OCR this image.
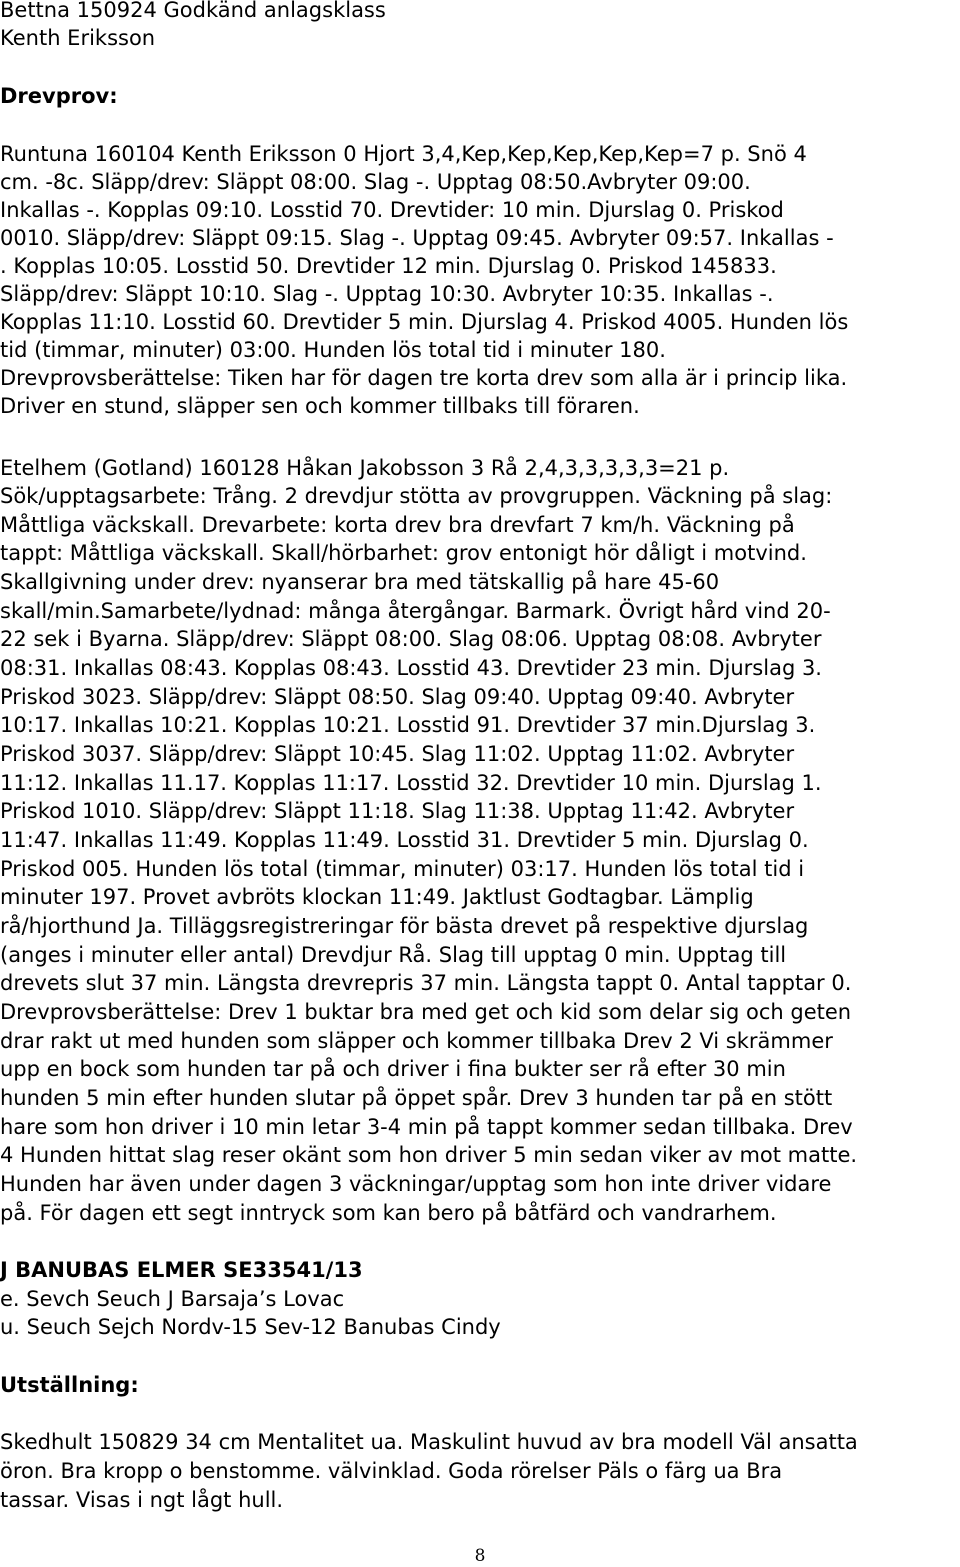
Bettna 150924 Godkänd anlagsklass
Kenth Eriksson
Drevprov:
Runtuna 160104 Kenth Eriksson 0 Hjort 3,4,Kep,Kep,Kep,Kep,Kep=7 p. Snö 4
cm. -8c. Släpp/drev: Släppt 08:00. Slag -. Upptag 08:50.Avbryter 09:00.
Inkallas -. Kopplas 09:10. Losstid 70. Drevtider: 10 min. Djurslag 0. Priskod
0010. Släpp/drev: Släppt 09:15. Slag -. Upptag 09:45. Avbryter 09:57. Inkallas -
. Kopplas 10:05. Losstid 50. Drevtider 12 min. Djurslag 0. Priskod 145833.
Släpp/drev: Släppt 10:10. Slag -. Upptag 10:30. Avbryter 10:35. Inkallas -.
Kopplas 11:10. Losstid 60. Drevtider 5 min. Djurslag 4. Priskod 4005. Hunden lös
tid (timmar, minuter) 03:00. Hunden lös total tid i minuter 180.
Drevprovsberättelse: Tiken har för dagen tre korta drev som alla är i princip lika.
Driver en stund, släpper sen och kommer tillbaks till föraren.
Etelhem (Gotland) 160128 Håkan Jakobsson 3 Rå 2,4,3,3,3,3,3=21 p.
Sök/upptagsarbete: Trång. 2 drevdjur stötta av provgruppen. Väckning på slag:
Måttliga väckskall. Drevarbete: korta drev bra drevfart 7 km/h. Väckning på
tappt: Måttliga väckskall. Skall/hörbarhet: grov entonigt hör dåligt i motvind.
Skallgivning under drev: nyanserar bra med tätskallig på hare 45-60
skall/min.Samarbete/lydnad: många återgångar. Barmark. Övrigt hård vind 20-
22 sek i Byarna. Släpp/drev: Släppt 08:00. Slag 08:06. Upptag 08:08. Avbryter
08:31. Inkallas 08:43. Kopplas 08:43. Losstid 43. Drevtider 23 min. Djurslag 3.
Priskod 3023. Släpp/drev: Släppt 08:50. Slag 09:40. Upptag 09:40. Avbryter
10:17. Inkallas 10:21. Kopplas 10:21. Losstid 91. Drevtider 37 min.Djurslag 3.
Priskod 3037. Släpp/drev: Släppt 10:45. Slag 11:02. Upptag 11:02. Avbryter
11:12. Inkallas 11.17. Kopplas 11:17. Losstid 32. Drevtider 10 min. Djurslag 1.
Priskod 1010. Släpp/drev: Släppt 11:18. Slag 11:38. Upptag 11:42. Avbryter
11:47. Inkallas 11:49. Kopplas 11:49. Losstid 31. Drevtider 5 min. Djurslag 0.
Priskod 005. Hunden lös total (timmar, minuter) 03:17. Hunden lös total tid i
minuter 197. Provet avbröts klockan 11:49. Jaktlust Godtagbar. Lämplig
rå/hjorthund Ja. Tilläggsregistreringar för bästa drevet på respektive djurslag
(anges i minuter eller antal) Drevdjur Rå. Slag till upptag 0 min. Upptag till
drevets slut 37 min. Längsta drevrepris 37 min. Längsta tappt 0. Antal tapptar 0.
Drevprovsberättelse: Drev 1 buktar bra med get och kid som delar sig och geten
drar rakt ut med hunden som släpper och kommer tillbaka Drev 2 Vi skrämmer
upp en bock som hunden tar på och driver i fina bukter ser rå efter 30 min
hunden 5 min efter hunden slutar på öppet spår. Drev 3 hunden tar på en stött
hare som hon driver i 10 min letar 3-4 min på tappt kommer sedan tillbaka. Drev
4 Hunden hittat slag reser okänt som hon driver 5 min sedan viker av mot matte.
Hunden har även under dagen 3 väckningar/upptag som hon inte driver vidare
på. För dagen ett segt inntryck som kan bero på båtfärd och vandrarhem.
J BANUBAS ELMER SE33541/13
e. Sevch Seuch J Barsaja’s Lovac
u. Seuch Sejch Nordv-15 Sev-12 Banubas Cindy
Utställning:
Skedhult 150829 34 cm Mentalitet ua. Maskulint huvud av bra modell Väl ansatta
öron. Bra kropp o benstomme. välvinklad. Goda rörelser Päls o färg ua Bra
tassar. Visas i ngt lågt hull.
8
